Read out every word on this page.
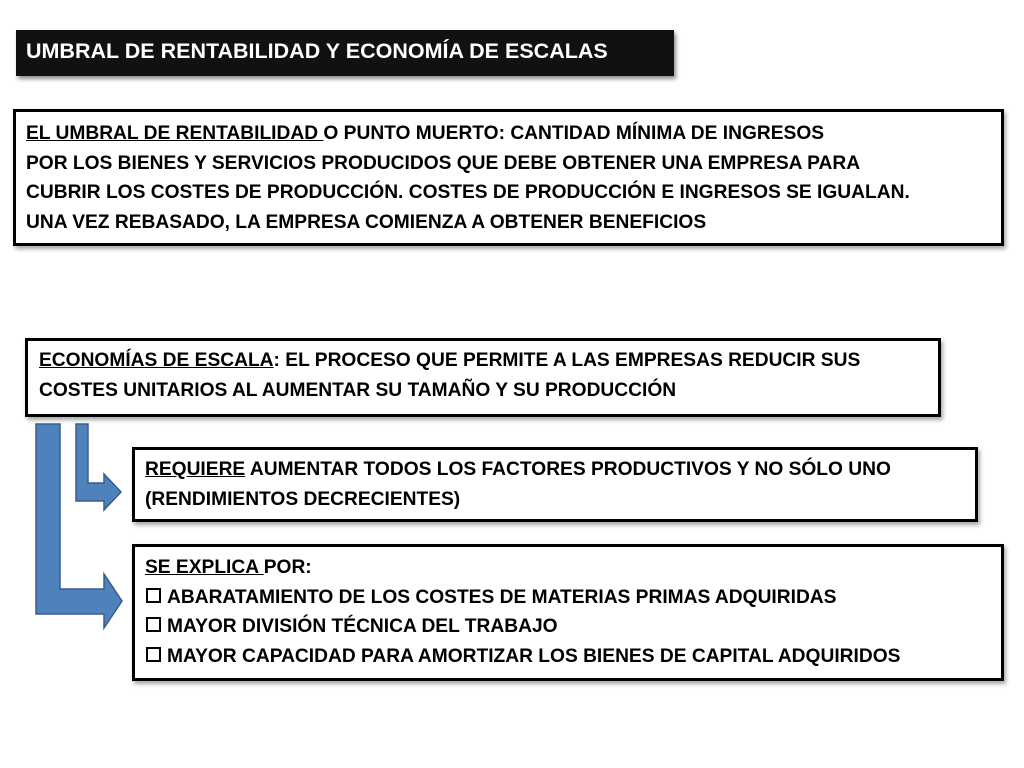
UMBRAL DE RENTABILIDAD Y ECONOMÍA DE ESCALAS
EL UMBRAL DE RENTABILIDAD O PUNTO MUERTO: CANTIDAD MÍNIMA DE INGRESOS
POR LOS BIENES Y SERVICIOS PRODUCIDOS QUE DEBE OBTENER UNA EMPRESA PARA
CUBRIR LOS COSTES DE PRODUCCIÓN. COSTES DE PRODUCCIÓN E INGRESOS SE IGUALAN.
UNA VEZ REBASADO, LA EMPRESA COMIENZA A OBTENER BENEFICIOS
ECONOMÍAS DE ESCALA: EL PROCESO QUE PERMITE A LAS EMPRESAS REDUCIR SUS
COSTES UNITARIOS AL AUMENTAR SU TAMAÑO Y SU PRODUCCIÓN
REQUIERE AUMENTAR TODOS LOS FACTORES PRODUCTIVOS Y NO SÓLO UNO
(RENDIMIENTOS DECRECIENTES)
SE EXPLICA POR:
ABARATAMIENTO DE LOS COSTES DE MATERIAS PRIMAS ADQUIRIDAS
MAYOR DIVISIÓN TÉCNICA DEL TRABAJO
MAYOR CAPACIDAD PARA AMORTIZAR LOS BIENES DE CAPITAL ADQUIRIDOS
